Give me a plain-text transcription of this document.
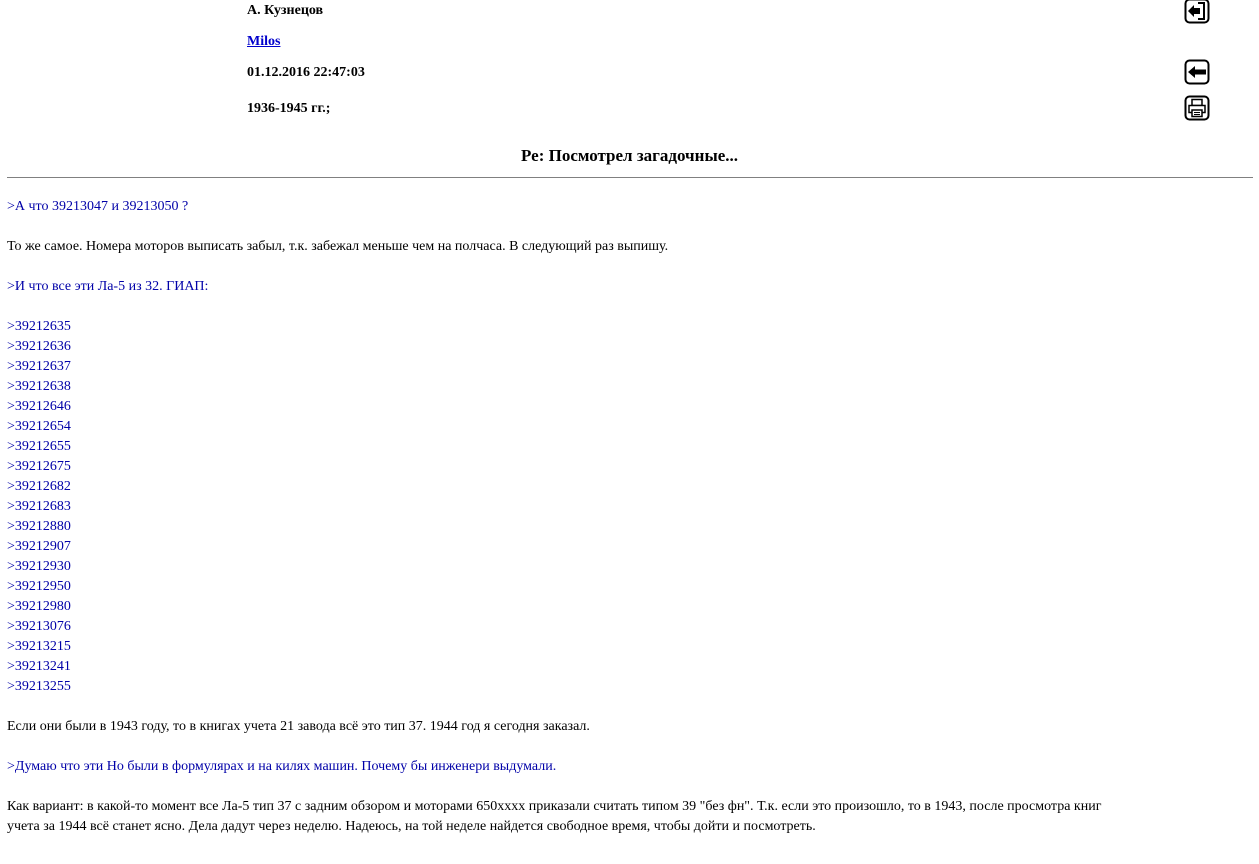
А. Кузнецов
Milos
01.12.2016 22:47:03
1936-1945 гг.;
Ре: Посмотрел загадочные...

>А что 39213047 и 39213050 ?

То же самое. Номера моторов выписать забыл, т.к. забежал меньше чем на полчаса. В следующий раз выпишу.

>И что все эти Ла-5 из 32. ГИАП:

>39212635
>39212636
>39212637
>39212638
>39212646
>39212654
>39212655
>39212675
>39212682
>39212683
>39212880
>39212907
>39212930
>39212950
>39212980
>39213076
>39213215
>39213241
>39213255

Если они были в 1943 году, то в книгах учета 21 завода всё это тип 37. 1944 год я сегодня заказал.

>Думаю что эти Но были в формулярах и на килях машин. Почему бы инженери выдумали.

Как вариант: в какой-то момент все Ла-5 тип 37 с задним обзором и моторами 650xxxx приказали считать типом 39 "без фн". Т.к. если это произошло, то в 1943, после просмотра книг

учета за 1944 всё станет ясно. Дела дадут через неделю. Надеюсь, на той неделе найдется свободное время, чтобы дойти и посмотреть.
